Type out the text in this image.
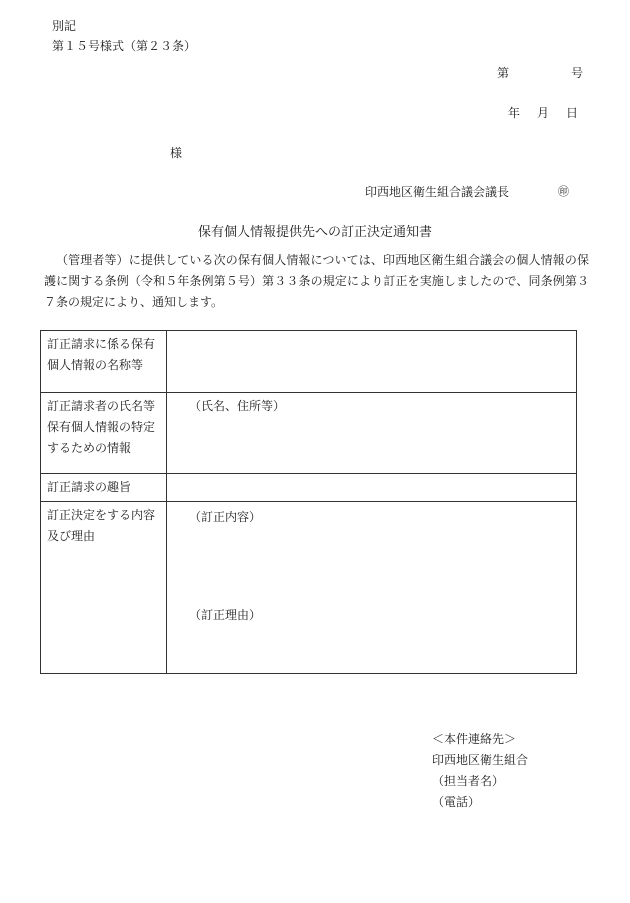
別記
第１５号様式（第２３条）
第	号
年 月 日
様
印西地区衛生組合議会議長	㊞
保有個人情報提供先への訂正決定通知書
（管理者等）に提供している次の保有個人情報については、印西地区衛生組合議会の個人情報の保護に関する条例（令和５年条例第５号）第３３条の規定により訂正を実施しましたので、同条例第３７条の規定により、通知します。
訂正請求に係る保有個人情報の名称等	
訂正請求者の氏名等保有個人情報の特定するための情報	（氏名、住所等）
訂正請求の趣旨	
訂正決定をする内容及び理由	（訂正内容）
（訂正理由）
＜本件連絡先＞
印西地区衛生組合
（担当者名）
（電話）
